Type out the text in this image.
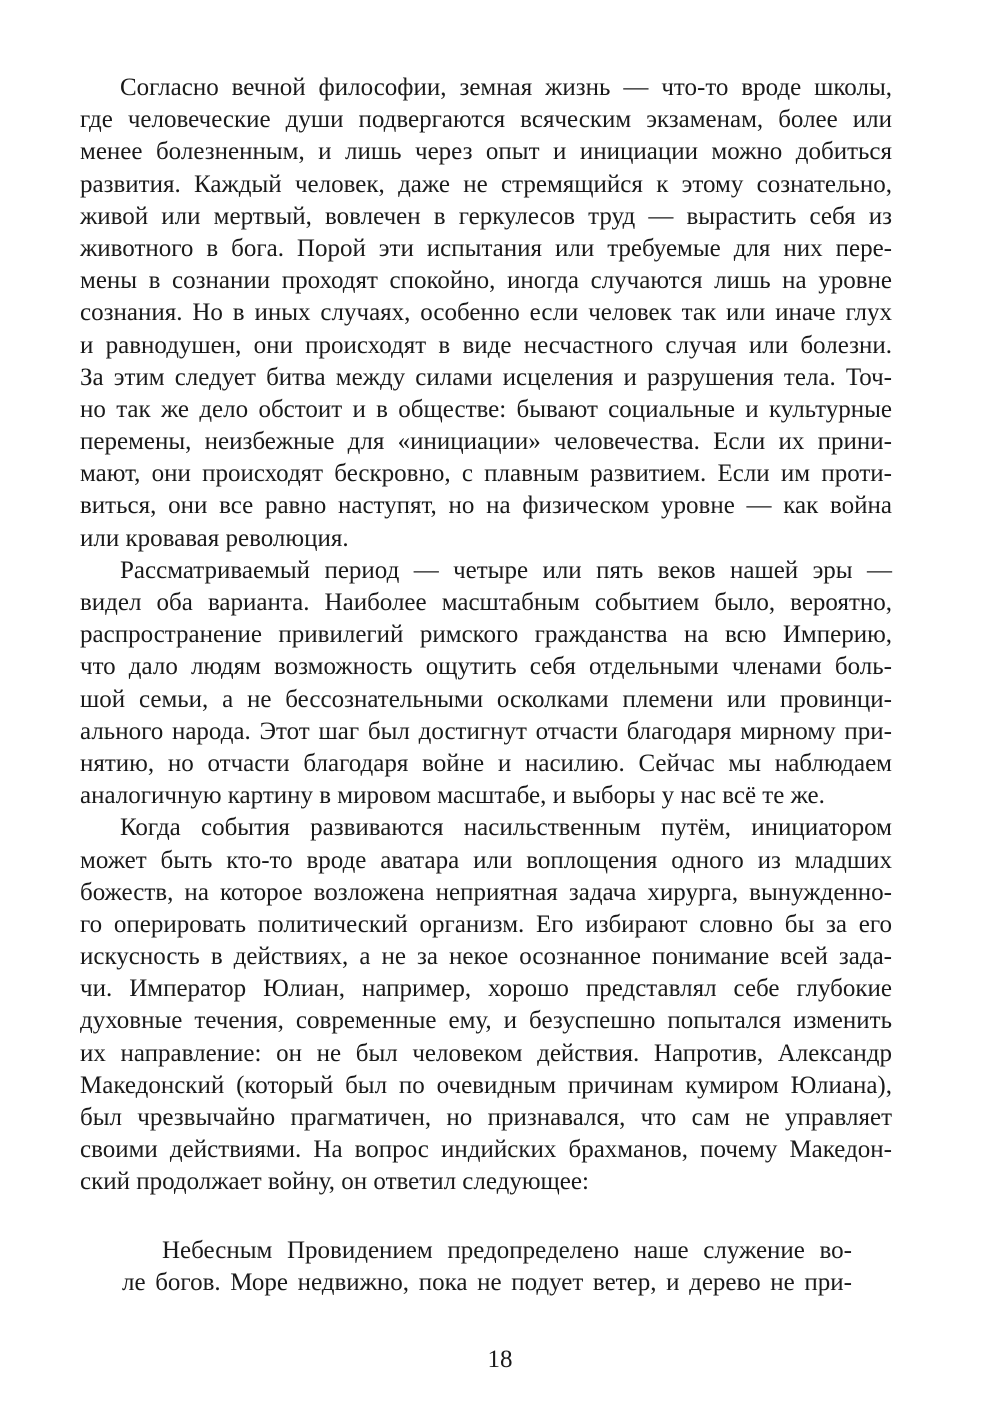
Согласно вечной философии, земная жизнь — что-то вроде школы,
где человеческие души подвергаются всяческим экзаменам, более или
менее болезненным, и лишь через опыт и инициации можно добиться
развития. Каждый человек, даже не стремящийся к этому сознательно,
живой или мертвый, вовлечен в геркулесов труд — вырастить себя из
животного в бога. Порой эти испытания или требуемые для них пере-
мены в сознании проходят спокойно, иногда случаются лишь на уровне
сознания. Но в иных случаях, особенно если человек так или иначе глух
и равнодушен, они происходят в виде несчастного случая или болезни.
За этим следует битва между силами исцеления и разрушения тела. Точ-
но так же дело обстоит и в обществе: бывают социальные и культурные
перемены, неизбежные для «инициации» человечества. Если их прини-
мают, они происходят бескровно, с плавным развитием. Если им проти-
виться, они все равно наступят, но на физическом уровне — как война
или кровавая революция.
Рассматриваемый период — четыре или пять веков нашей эры —
видел оба варианта. Наиболее масштабным событием было, вероятно,
распространение привилегий римского гражданства на всю Империю,
что дало людям возможность ощутить себя отдельными членами боль-
шой семьи, а не бессознательными осколками племени или провинци-
ального народа. Этот шаг был достигнут отчасти благодаря мирному при-
нятию, но отчасти благодаря войне и насилию. Сейчас мы наблюдаем
аналогичную картину в мировом масштабе, и выборы у нас всё те же.
Когда события развиваются насильственным путём, инициатором
может быть кто-то вроде аватара или воплощения одного из младших
божеств, на которое возложена неприятная задача хирурга, вынужденно-
го оперировать политический организм. Его избирают словно бы за его
искусность в действиях, а не за некое осознанное понимание всей зада-
чи. Император Юлиан, например, хорошо представлял себе глубокие
духовные течения, современные ему, и безуспешно попытался изменить
их направление: он не был человеком действия. Напротив, Александр
Македонский (который был по очевидным причинам кумиром Юлиана),
был чрезвычайно прагматичен, но признавался, что сам не управляет
своими действиями. На вопрос индийских брахманов, почему Македон-
ский продолжает войну, он ответил следующее:
Небесным Провидением предопределено наше служение во-
ле богов. Море недвижно, пока не подует ветер, и дерево не при-
18
